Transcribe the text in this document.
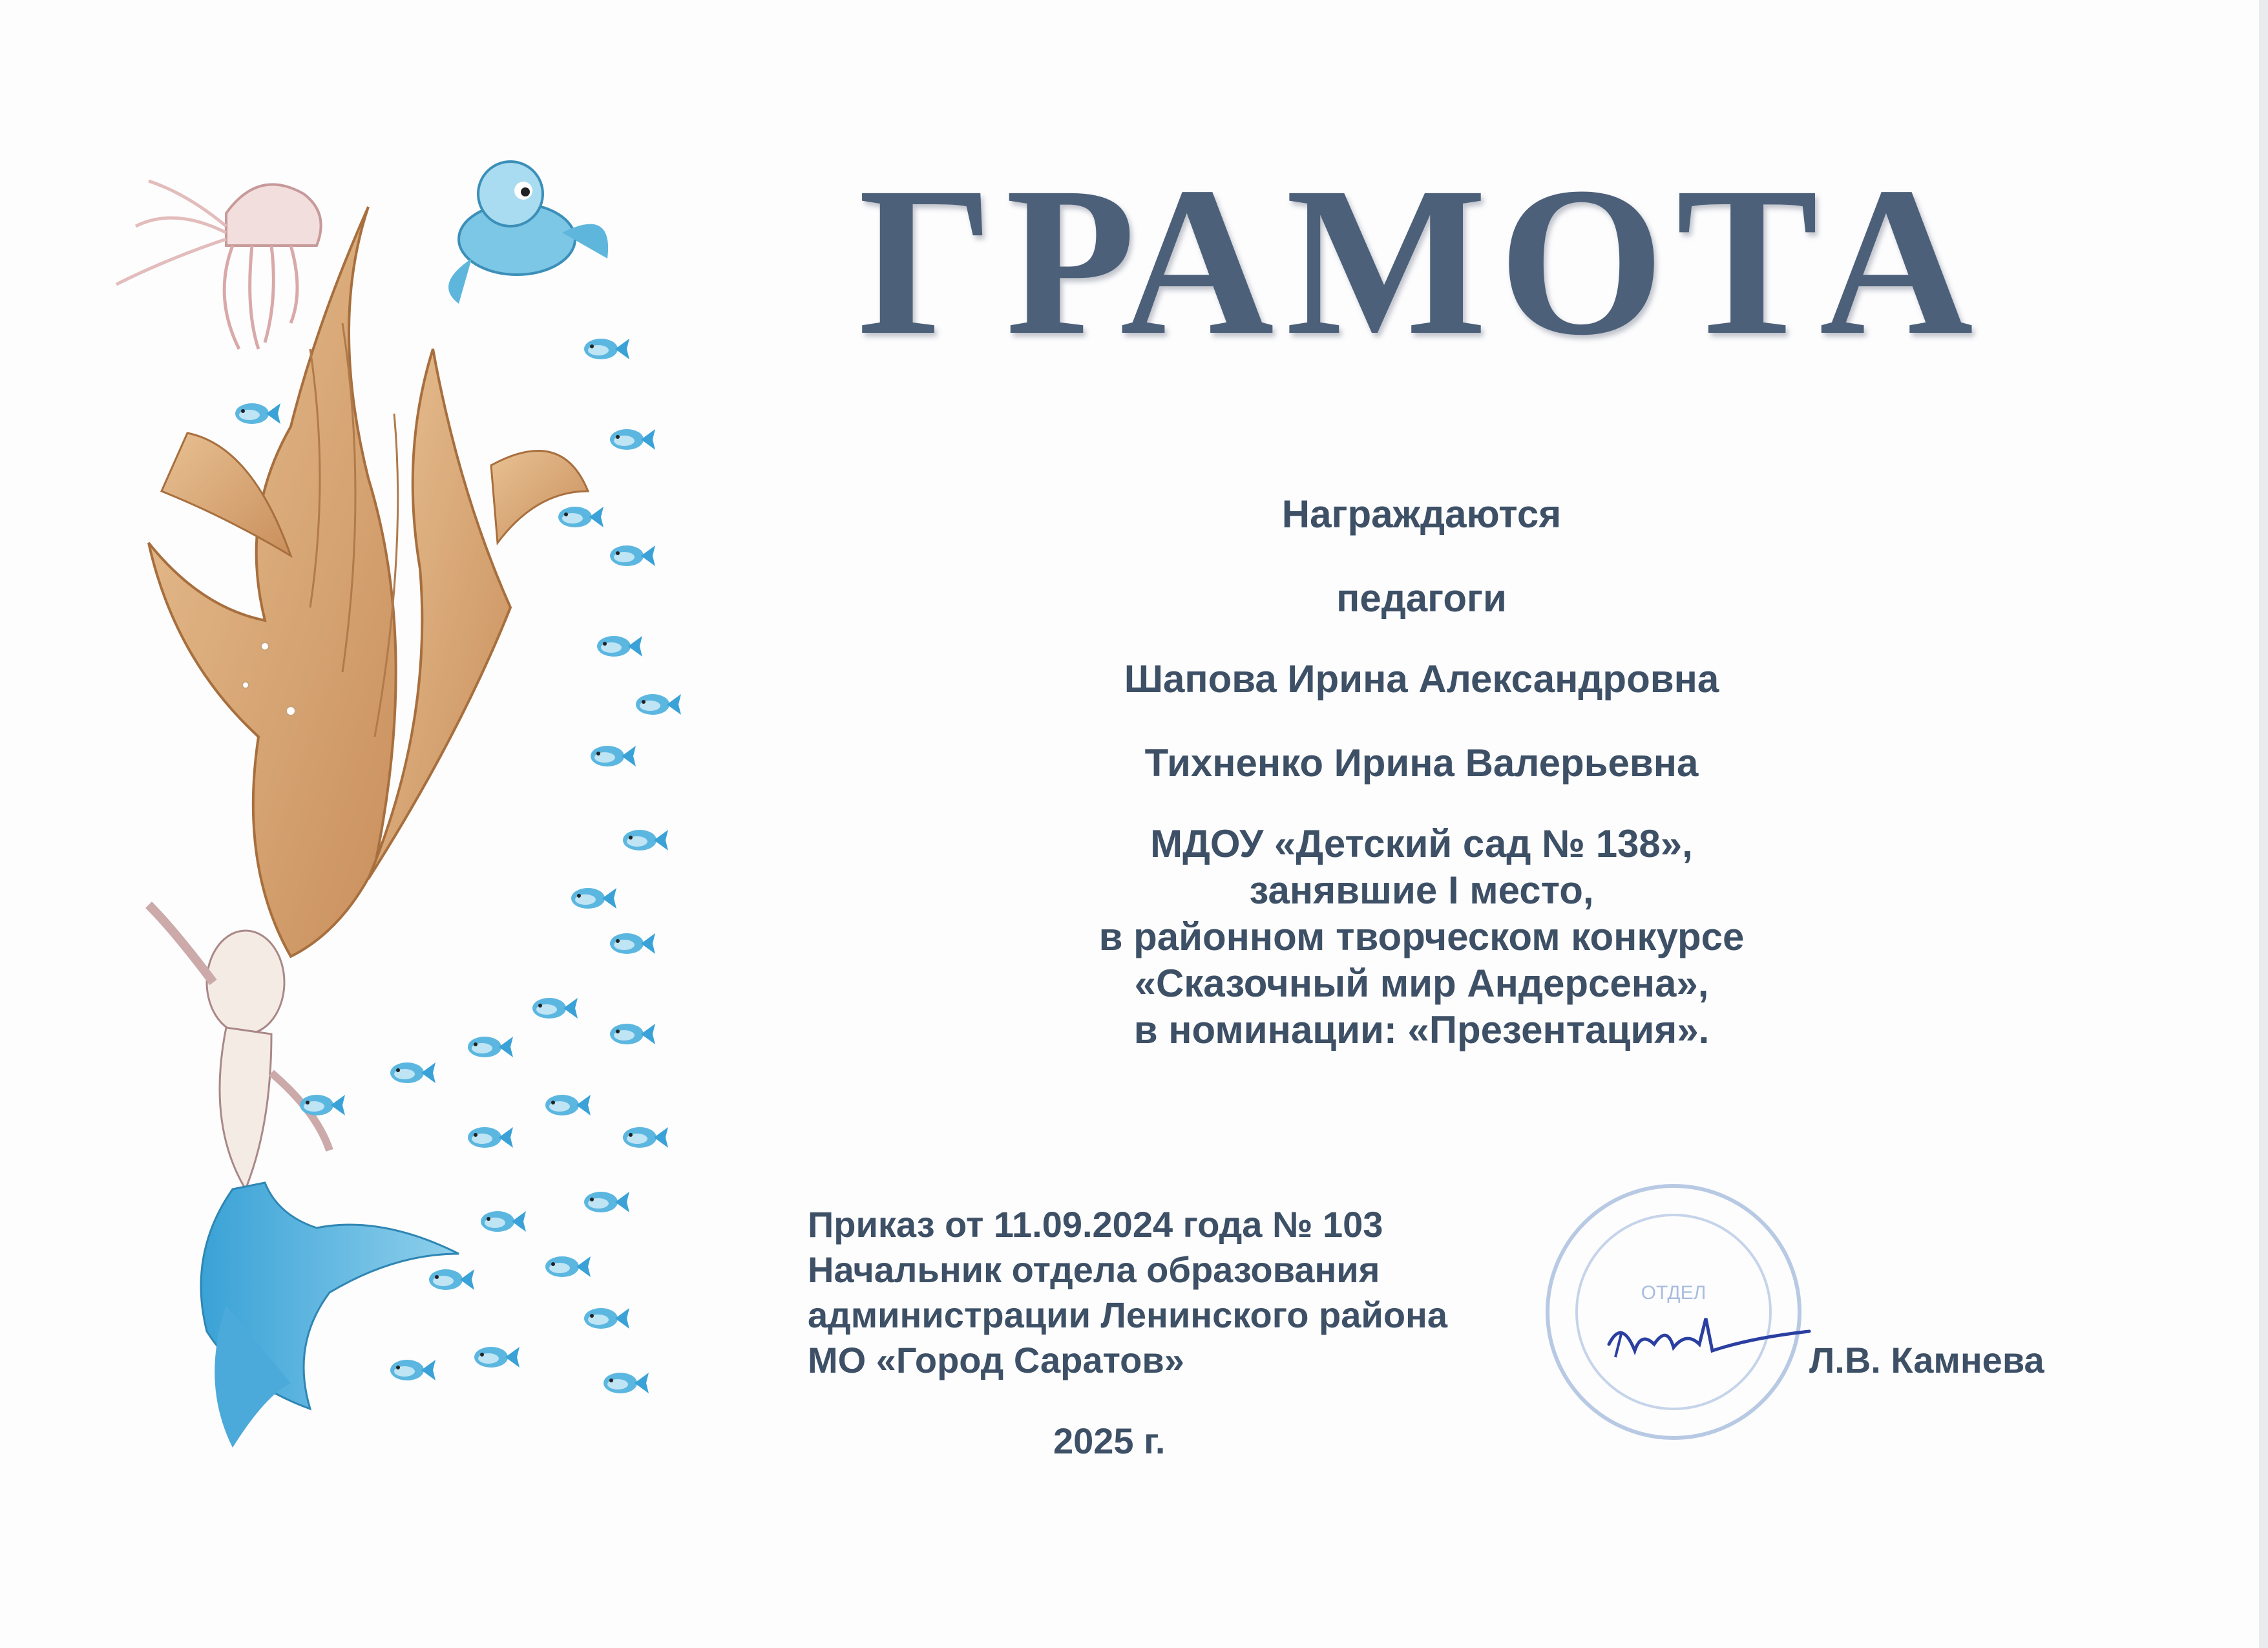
ГРАМОТА
Награждаются
педагоги
Шапова Ирина Александровна
Тихненко Ирина Валерьевна
МДОУ «Детский сад № 138»,
занявшие I место,
в районном творческом конкурсе
«Сказочный мир Андерсена»,
в номинации: «Презентация».
Приказ от 11.09.2024 года № 103
Начальник отдела образования
администрации Ленинского района
МО «Город Саратов»
2025 г.
Л.В. Камнева
ОТДЕЛ
